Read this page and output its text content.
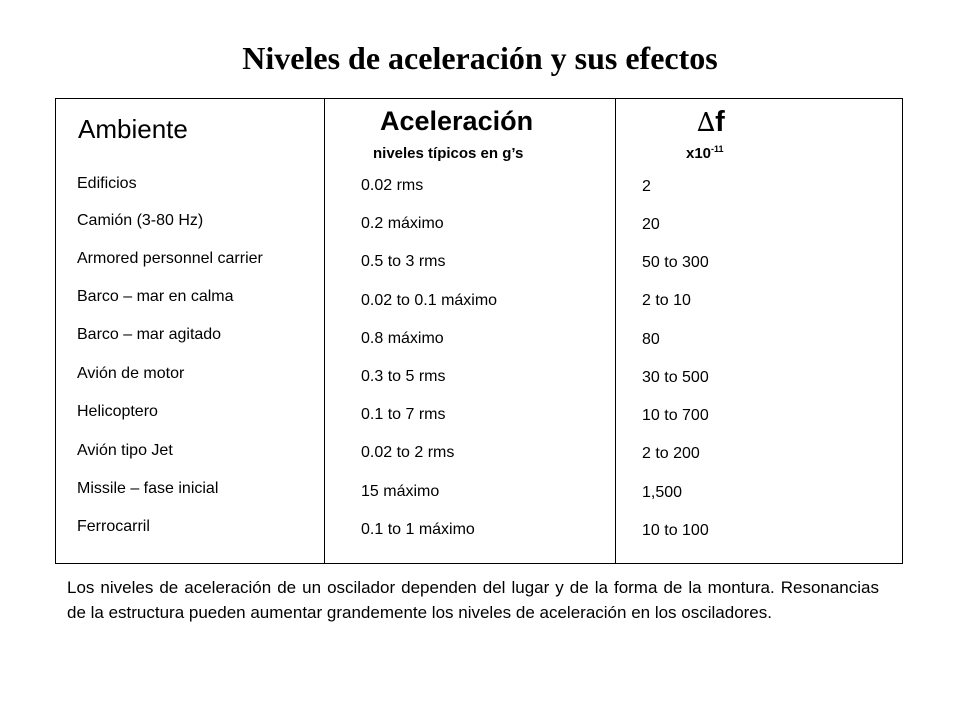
Niveles de aceleración y sus efectos
Ambiente	Aceleración
niveles típicos en g’s
∆f
$x10^{-11}$
Edificios
Camión (3-80 Hz)
Armored personnel carrier
Barco – mar en calma
Barco – mar agitado
Avión de motor
Helicoptero
Avión tipo Jet
Missile – fase inicial
Ferrocarril
0.02 rms
0.2 máximo
0.5 to 3 rms
0.02 to 0.1 máximo
0.8 máximo
0.3 to 5 rms
0.1 to 7 rms
0.02 to 2 rms
15 máximo
0.1 to 1 máximo
2
20
50 to 300
2 to 10
80
30 to 500
10 to 700
2 to 200
1,500
10 to 100
Los niveles de aceleración de un oscilador dependen del lugar y de la forma de la montura. Resonancias de la estructura pueden aumentar grandemente los niveles de aceleración en los osciladores.
